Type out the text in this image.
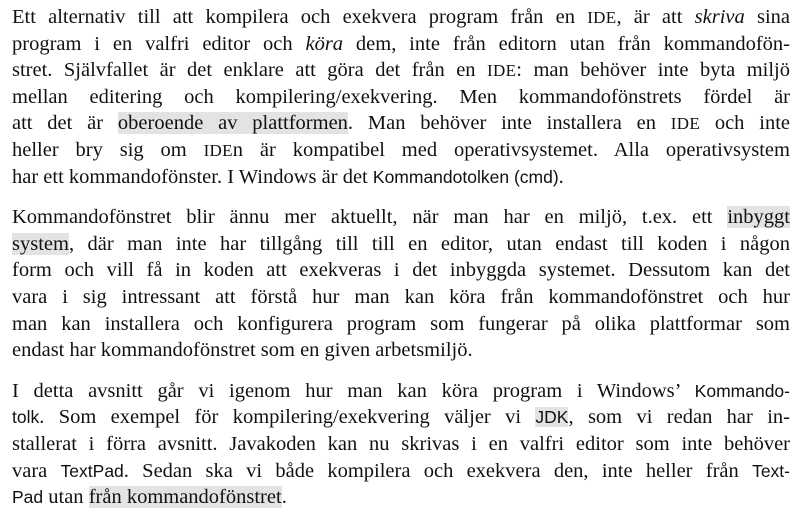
Ett alternativ till att kompilera och exekvera program från en IDE, är att skriva sina
program i en valfri editor och köra dem, inte från editorn utan från kommandofön-
stret. Självfallet är det enklare att göra det från en IDE: man behöver inte byta miljö
mellan editering och kompilering/exekvering. Men kommandofönstrets fördel är
att det är oberoende av plattformen. Man behöver inte installera en IDE och inte
heller bry sig om IDEn är kompatibel med operativsystemet. Alla operativsystem
har ett kommandofönster. I Windows är det Kommandotolken (cmd).
Kommandofönstret blir ännu mer aktuellt, när man har en miljö, t.ex. ett inbyggt
system, där man inte har tillgång till till en editor, utan endast till koden i någon
form och vill få in koden att exekveras i det inbyggda systemet. Dessutom kan det
vara i sig intressant att förstå hur man kan köra från kommandofönstret och hur
man kan installera och konfigurera program som fungerar på olika plattformar som
endast har kommandofönstret som en given arbetsmiljö.
I detta avsnitt går vi igenom hur man kan köra program i Windows’ Kommando-
tolk. Som exempel för kompilering/exekvering väljer vi JDK, som vi redan har in-
stallerat i förra avsnitt. Javakoden kan nu skrivas i en valfri editor som inte behöver
vara TextPad. Sedan ska vi både kompilera och exekvera den, inte heller från Text-
Pad utan från kommandofönstret.
